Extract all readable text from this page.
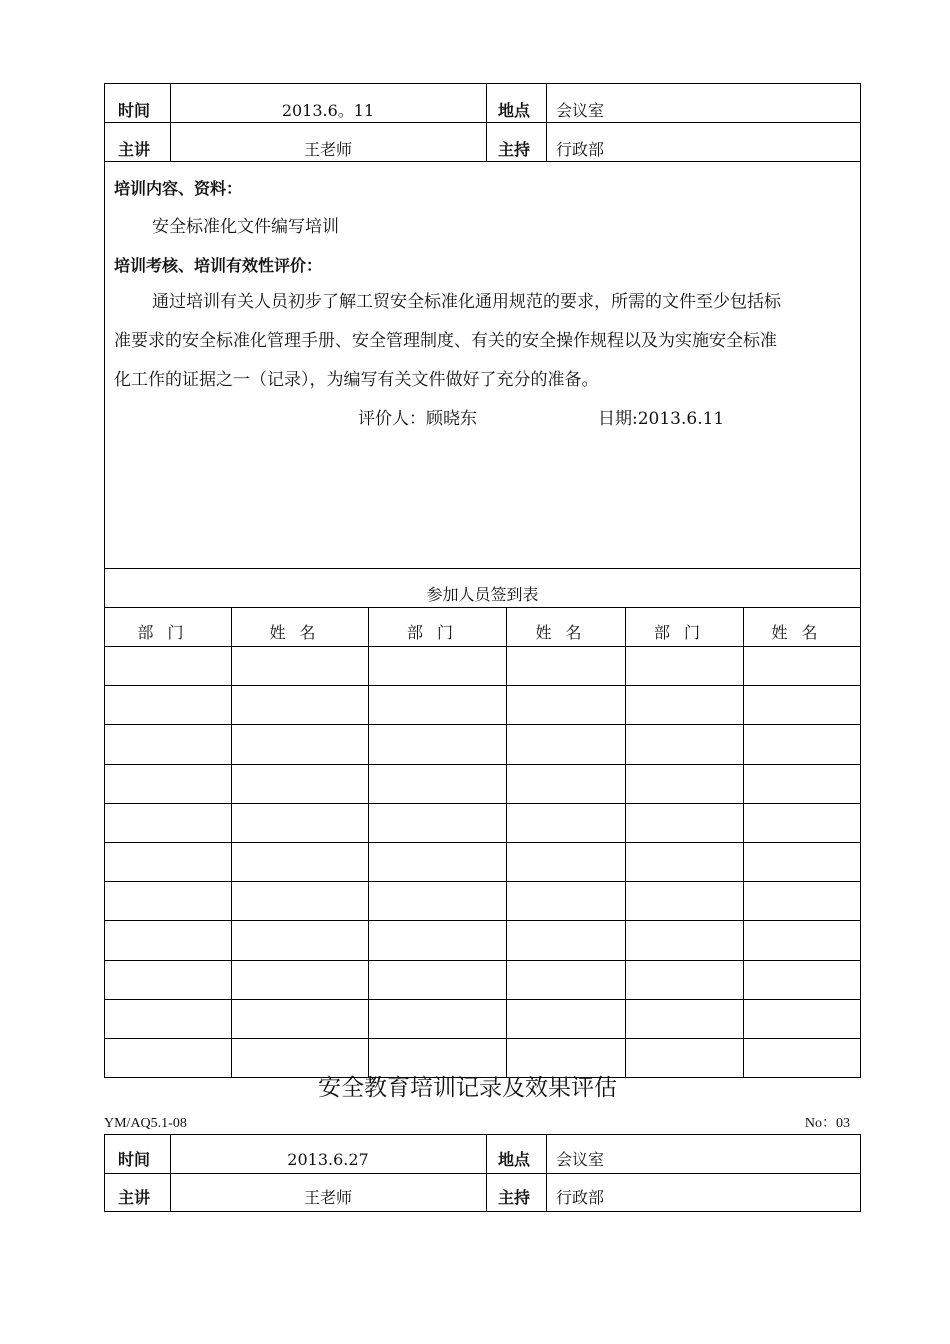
时间	2013.6。11	地点 会议室
主讲	王老师	主持 行政部
培训内容、资料：
安全标准化文件编写培训
培训考核、培训有效性评价：
通过培训有关人员初步了解工贸安全标准化通用规范的要求，所需的文件至少包括标
准要求的安全标准化管理手册、安全管理制度、有关的安全操作规程以及为实施安全标准
化工作的证据之一（记录），为编写有关文件做好了充分的准备。
评价人：顾晓东	日期:2013.6.11
参加人员签到表
部门	姓名	部门	姓名	部门	姓名
安全教育培训记录及效果评估
YM/AQ5.1-08	No：03
时间	2013.6.27	地点 会议室
主讲	王老师	主持 行政部
